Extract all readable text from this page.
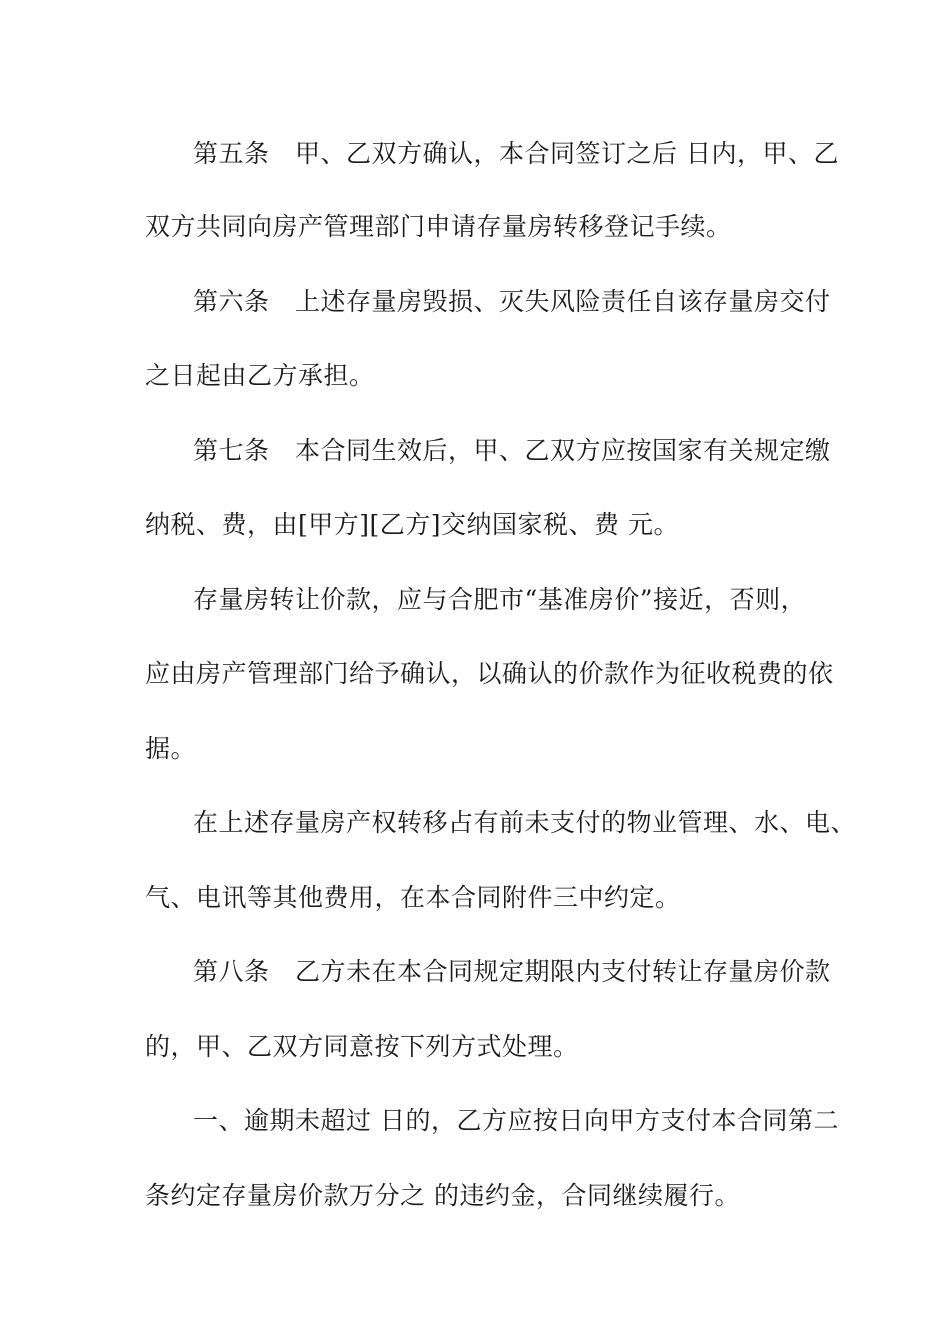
第五条　甲、乙双方确认，本合同签订之后 日内，甲、乙
双方共同向房产管理部门申请存量房转移登记手续。
第六条　上述存量房毁损、灭失风险责任自该存量房交付
之日起由乙方承担。
第七条　本合同生效后，甲、乙双方应按国家有关规定缴
纳税、费，由[甲方][乙方]交纳国家税、费 元。
存量房转让价款，应与合肥市“基准房价”接近，否则，
应由房产管理部门给予确认，以确认的价款作为征收税费的依
据。
在上述存量房产权转移占有前未支付的物业管理、水、电、
气、电讯等其他费用，在本合同附件三中约定。
第八条　乙方未在本合同规定期限内支付转让存量房价款
的，甲、乙双方同意按下列方式处理。
一、逾期未超过 日的，乙方应按日向甲方支付本合同第二
条约定存量房价款万分之 的违约金，合同继续履行。
